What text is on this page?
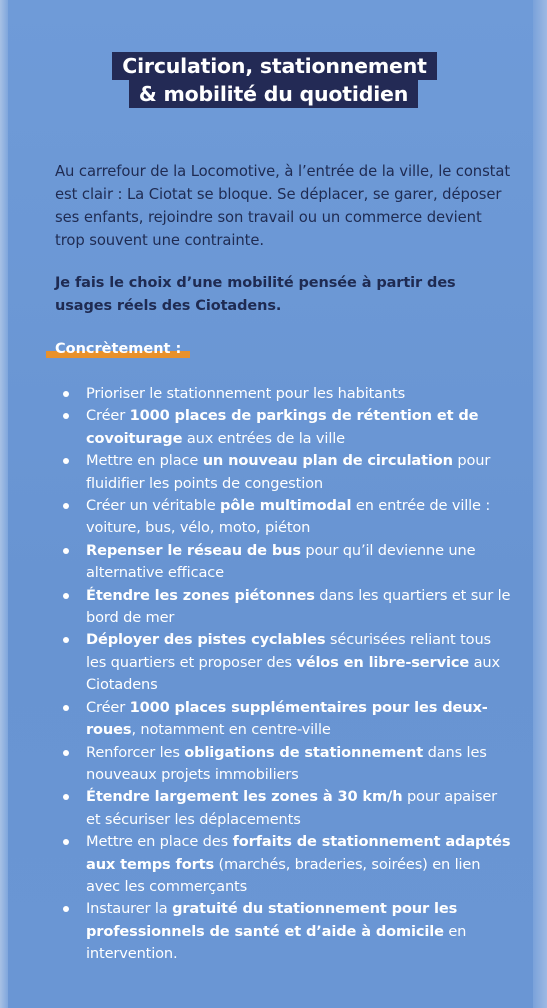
Circulation, stationnement
& mobilité du quotidien

Au carrefour de la Locomotive, à l’entrée de la ville, le constat est clair : La Ciotat se bloque. Se déplacer, se garer, déposer ses enfants, rejoindre son travail ou un commerce devient trop souvent une contrainte.

Je fais le choix d’une mobilité pensée à partir des usages réels des Ciotadens.

Concrètement :
Prioriser le stationnement pour les habitants
Créer 1000 places de parkings de rétention et de covoiturage aux entrées de la ville
Mettre en place un nouveau plan de circulation pour fluidifier les points de congestion
Créer un véritable pôle multimodal en entrée de ville : voiture, bus, vélo, moto, piéton
Repenser le réseau de bus pour qu’il devienne une alternative efficace
Étendre les zones piétonnes dans les quartiers et sur le bord de mer
Déployer des pistes cyclables sécurisées reliant tous les quartiers et proposer des vélos en libre-service aux Ciotadens
Créer 1000 places supplémentaires pour les deux-roues, notamment en centre-ville
Renforcer les obligations de stationnement dans les nouveaux projets immobiliers
Étendre largement les zones à 30 km/h pour apaiser et sécuriser les déplacements
Mettre en place des forfaits de stationnement adaptés aux temps forts (marchés, braderies, soirées) en lien avec les commerçants
Instaurer la gratuité du stationnement pour les professionnels de santé et d’aide à domicile en intervention.
